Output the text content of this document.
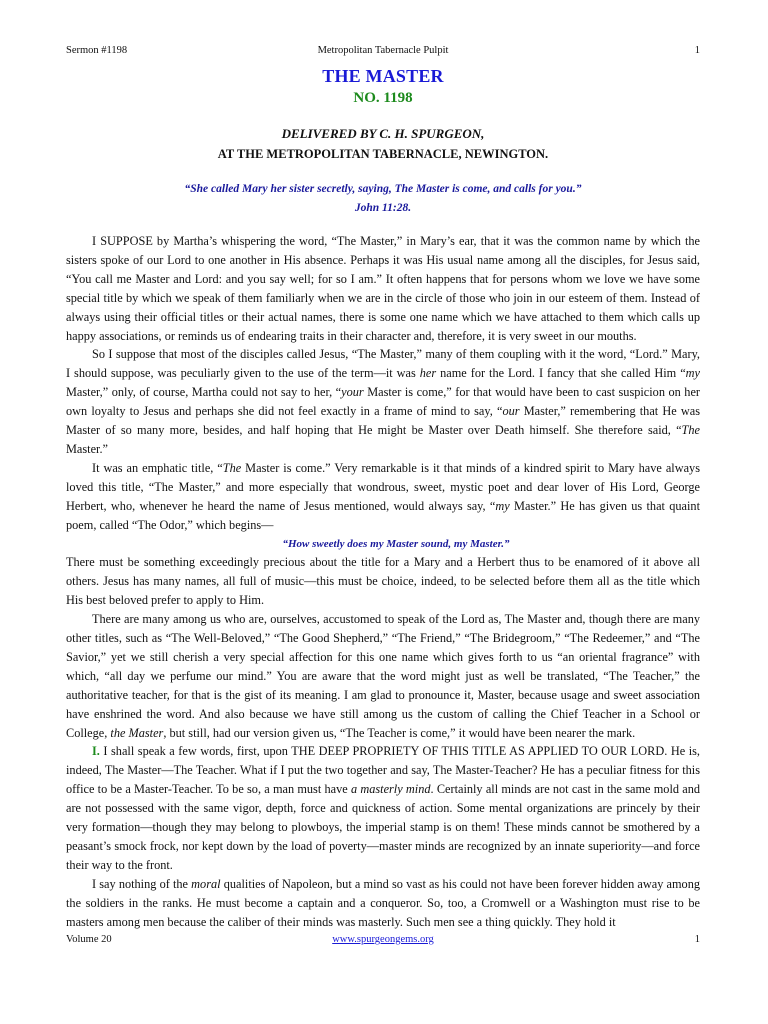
Sermon #1198	Metropolitan Tabernacle Pulpit	1
THE MASTER
NO. 1198
DELIVERED BY C. H. SPURGEON,
AT THE METROPOLITAN TABERNACLE, NEWINGTON.
“She called Mary her sister secretly, saying, The Master is come, and calls for you.”
John 11:28.

I SUPPOSE by Martha’s whispering the word, “The Master,” in Mary’s ear, that it was the common name by which the sisters spoke of our Lord to one another in His absence. Perhaps it was His usual name among all the disciples, for Jesus said, “You call me Master and Lord: and you say well; for so I am.” It often happens that for persons whom we love we have some special title by which we speak of them familiarly when we are in the circle of those who join in our esteem of them. Instead of always using their official titles or their actual names, there is some one name which we have attached to them which calls up happy associations, or reminds us of endearing traits in their character and, therefore, it is very sweet in our mouths.

So I suppose that most of the disciples called Jesus, “The Master,” many of them coupling with it the word, “Lord.” Mary, I should suppose, was peculiarly given to the use of the term—it was her name for the Lord. I fancy that she called Him “my Master,” only, of course, Martha could not say to her, “your Master is come,” for that would have been to cast suspicion on her own loyalty to Jesus and perhaps she did not feel exactly in a frame of mind to say, “our Master,” remembering that He was Master of so many more, besides, and half hoping that He might be Master over Death himself. She therefore said, “The Master.”

It was an emphatic title, “The Master is come.” Very remarkable is it that minds of a kindred spirit to Mary have always loved this title, “The Master,” and more especially that wondrous, sweet, mystic poet and dear lover of His Lord, George Herbert, who, whenever he heard the name of Jesus mentioned, would always say, “my Master.” He has given us that quaint poem, called “The Odor,” which begins—

“How sweetly does my Master sound, my Master.”

There must be something exceedingly precious about the title for a Mary and a Herbert thus to be enamored of it above all others. Jesus has many names, all full of music—this must be choice, indeed, to be selected before them all as the title which His best beloved prefer to apply to Him.

There are many among us who are, ourselves, accustomed to speak of the Lord as, The Master and, though there are many other titles, such as “The Well-Beloved,” “The Good Shepherd,” “The Friend,” “The Bridegroom,” “The Redeemer,” and “The Savior,” yet we still cherish a very special affection for this one name which gives forth to us “an oriental fragrance” with which, “all day we perfume our mind.” You are aware that the word might just as well be translated, “The Teacher,” the authoritative teacher, for that is the gist of its meaning. I am glad to pronounce it, Master, because usage and sweet association have enshrined the word. And also because we have still among us the custom of calling the Chief Teacher in a School or College, the Master, but still, had our version given us, “The Teacher is come,” it would have been nearer the mark.

I. I shall speak a few words, first, upon THE DEEP PROPRIETY OF THIS TITLE AS APPLIED TO OUR LORD. He is, indeed, The Master—The Teacher. What if I put the two together and say, The Master-Teacher? He has a peculiar fitness for this office to be a Master-Teacher. To be so, a man must have a masterly mind. Certainly all minds are not cast in the same mold and are not possessed with the same vigor, depth, force and quickness of action. Some mental organizations are princely by their very formation—though they may belong to plowboys, the imperial stamp is on them! These minds cannot be smothered by a peasant’s smock frock, nor kept down by the load of poverty—master minds are recognized by an innate superiority—and force their way to the front.

I say nothing of the moral qualities of Napoleon, but a mind so vast as his could not have been forever hidden away among the soldiers in the ranks. He must become a captain and a conqueror. So, too, a Cromwell or a Washington must rise to be masters among men because the caliber of their minds was masterly. Such men see a thing quickly. They hold it

Volume 20	www.spurgeongems.org	1
